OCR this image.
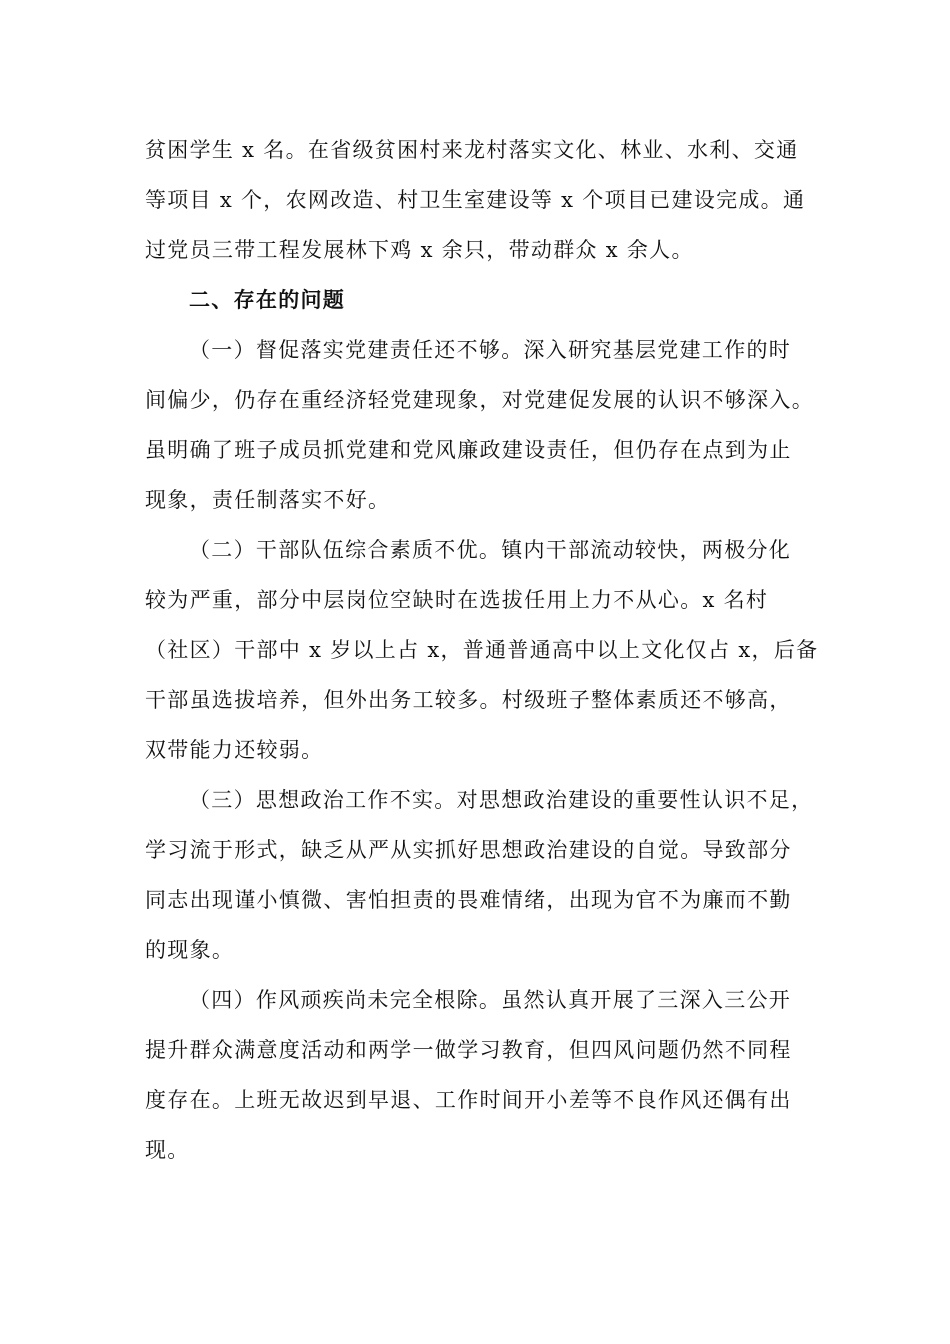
贫困学生 x 名。在省级贫困村来龙村落实文化、林业、水利、交通
等项目 x 个，农网改造、村卫生室建设等 x 个项目已建设完成。通
过党员三带工程发展林下鸡 x 余只，带动群众 x 余人。
二、存在的问题
（一）督促落实党建责任还不够。深入研究基层党建工作的时
间偏少，仍存在重经济轻党建现象，对党建促发展的认识不够深入。
虽明确了班子成员抓党建和党风廉政建设责任，但仍存在点到为止
现象，责任制落实不好。
（二）干部队伍综合素质不优。镇内干部流动较快，两极分化
较为严重，部分中层岗位空缺时在选拔任用上力不从心。x 名村
（社区）干部中 x 岁以上占 x，普通普通高中以上文化仅占 x，后备
干部虽选拔培养，但外出务工较多。村级班子整体素质还不够高，
双带能力还较弱。
（三）思想政治工作不实。对思想政治建设的重要性认识不足，
学习流于形式，缺乏从严从实抓好思想政治建设的自觉。导致部分
同志出现谨小慎微、害怕担责的畏难情绪，出现为官不为廉而不勤
的现象。
（四）作风顽疾尚未完全根除。虽然认真开展了三深入三公开
提升群众满意度活动和两学一做学习教育，但四风问题仍然不同程
度存在。上班无故迟到早退、工作时间开小差等不良作风还偶有出
现。
